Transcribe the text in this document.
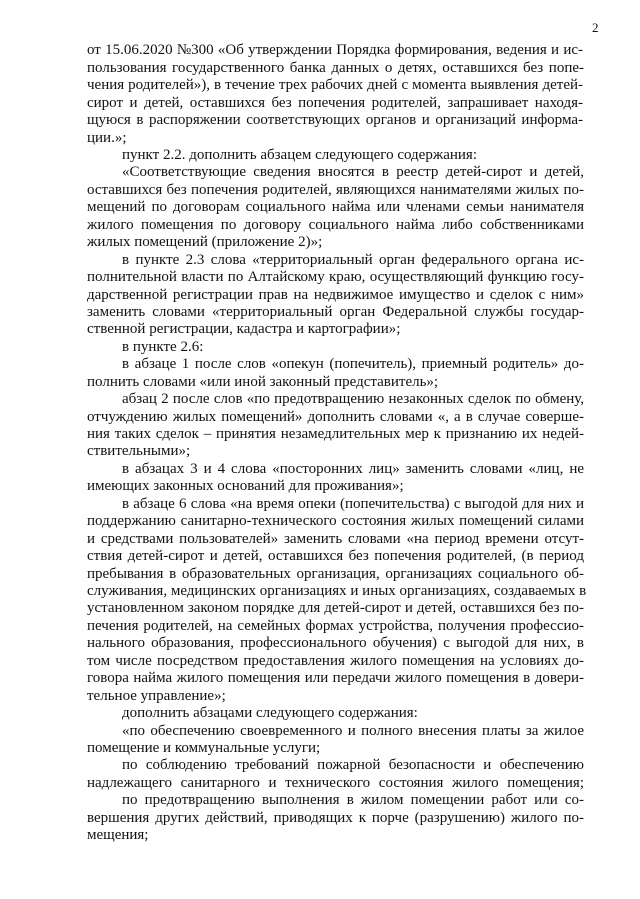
2
от 15.06.2020 №300 «Об утверждении Порядка формирования, ведения и ис-
пользования государственного банка данных о детях, оставшихся без попе-
чения родителей»), в течение трех рабочих дней с момента выявления детей-
сирот и детей, оставшихся без попечения родителей, запрашивает находя-
щуюся в распоряжении соответствующих органов и организаций информа-
ции.»;
пункт 2.2. дополнить абзацем следующего содержания:
«Соответствующие сведения вносятся в реестр детей-сирот и детей,
оставшихся без попечения родителей, являющихся нанимателями жилых по-
мещений по договорам социального найма или членами семьи нанимателя
жилого помещения по договору социального найма либо собственниками
жилых помещений (приложение 2)»;
в пункте 2.3 слова «территориальный орган федерального органа ис-
полнительной власти по Алтайскому краю, осуществляющий функцию госу-
дарственной регистрации прав на недвижимое имущество и сделок с ним»
заменить словами «территориальный орган Федеральной службы государ-
ственной регистрации, кадастра и картографии»;
в пункте 2.6:
в абзаце 1 после слов «опекун (попечитель), приемный родитель» до-
полнить словами «или иной законный представитель»;
абзац 2 после слов «по предотвращению незаконных сделок по обмену,
отчуждению жилых помещений» дополнить словами «, а в случае соверше-
ния таких сделок – принятия незамедлительных мер к признанию их недей-
ствительными»;
в абзацах 3 и 4 слова «посторонних лиц» заменить словами «лиц, не
имеющих законных оснований для проживания»;
в абзаце 6 слова «на время опеки (попечительства) с выгодой для них и
поддержанию санитарно-технического состояния жилых помещений силами
и средствами пользователей» заменить словами «на период времени отсут-
ствия детей-сирот и детей, оставшихся без попечения родителей, (в период
пребывания в образовательных организация, организациях социального об-
служивания, медицинских организациях и иных организациях, создаваемых в
установленном законом порядке для детей-сирот и детей, оставшихся без по-
печения родителей, на семейных формах устройства, получения профессио-
нального образования, профессионального обучения) с выгодой для них, в
том числе посредством предоставления жилого помещения на условиях до-
говора найма жилого помещения или передачи жилого помещения в довери-
тельное управление»;
дополнить абзацами следующего содержания:
«по обеспечению своевременного и полного внесения платы за жилое
помещение и коммунальные услуги;
по соблюдению требований пожарной безопасности и обеспечению
надлежащего санитарного и технического состояния жилого помещения;
по предотвращению выполнения в жилом помещении работ или со-
вершения других действий, приводящих к порче (разрушению) жилого по-
мещения;
